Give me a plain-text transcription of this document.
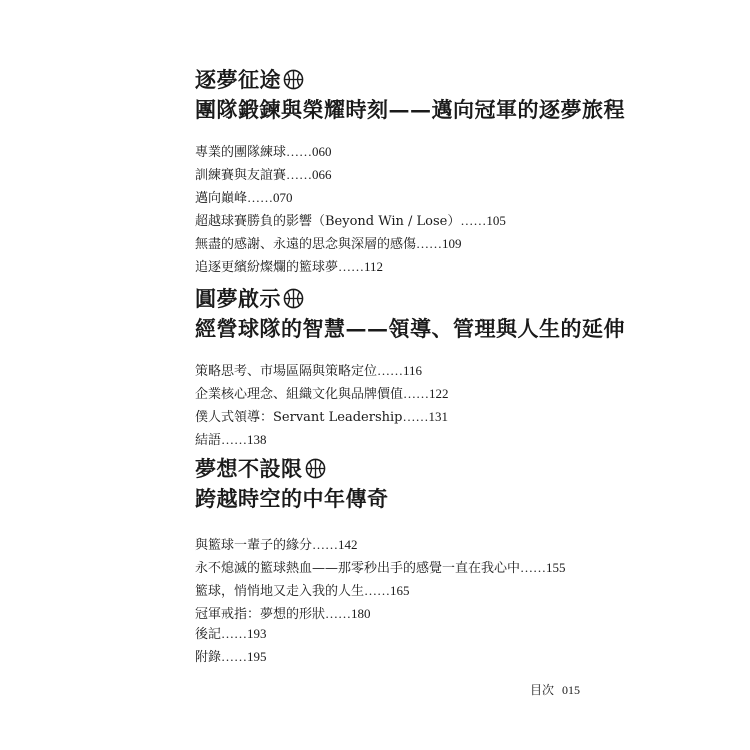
逐夢征途
團隊鍛鍊與榮耀時刻——邁向冠軍的逐夢旅程
專業的團隊練球……060
訓練賽與友誼賽……066
邁向巔峰……070
超越球賽勝負的影響（Beyond Win / Lose）……105
無盡的感謝、永遠的思念與深層的感傷……109
追逐更繽紛燦爛的籃球夢……112
圓夢啟示
經營球隊的智慧——領導、管理與人生的延伸
策略思考、市場區隔與策略定位……116
企業核心理念、組織文化與品牌價值……122
僕人式領導：Servant Leadership……131
結語……138
夢想不設限
跨越時空的中年傳奇
與籃球一輩子的緣分……142
永不熄滅的籃球熱血——那零秒出手的感覺一直在我心中……155
籃球，悄悄地又走入我的人生……165
冠軍戒指：夢想的形狀……180
後記……193
附錄……195
目次 015
